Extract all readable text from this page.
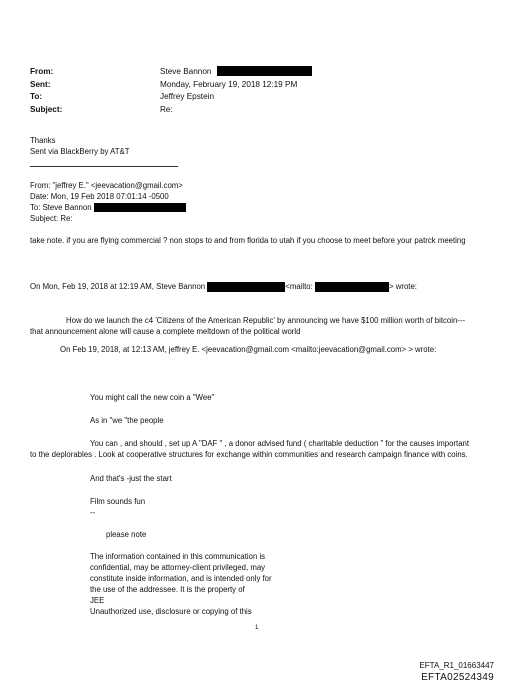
From:	Steve Bannon
Sent:	Monday, February 19, 2018 12:19 PM
To:	Jeffrey Epstein
Subject:	Re:
Thanks
Sent via BlackBerry by AT&T
From: "jeffrey E." <jeevacation@gmail.com>
Date: Mon, 19 Feb 2018 07:01:14 -0500
To: Steve Bannon
Subject: Re:
take note. if you are flying commercial ? non stops to and from florida to utah if you choose to meet before your patrck meeting
On Mon, Feb 19, 2018 at 12:19 AM, Steve Bannon	<mailto:	> wrote:
How do we launch the c4 'Citizens of the American Republic' by announcing we have $100 million worth of bitcoin--- that announcement alone will cause a complete meltdown of the political world
On Feb 19, 2018, at 12:13 AM, jeffrey E. <jeevacation@gmail.com <mailto:jeevacation@gmail.com> > wrote:
You might call the new coin a "Wee"
As in "we "the people
You can , and should , set up A "DAF " , a donor advised fund ( charitable deduction " for the causes important to the deplorables . Look at cooperative structures for exchange within communities and research campaign finance with coins.
And that's -just the start
Film sounds fun
--
please note
The information contained in this communication is
confidential, may be attorney-client privileged, may
constitute inside information, and is intended only for
the use of the addressee. It is the property of
JEE
Unauthorized use, disclosure or copying of this
1
EFTA_R1_01663447
EFTA02524349
